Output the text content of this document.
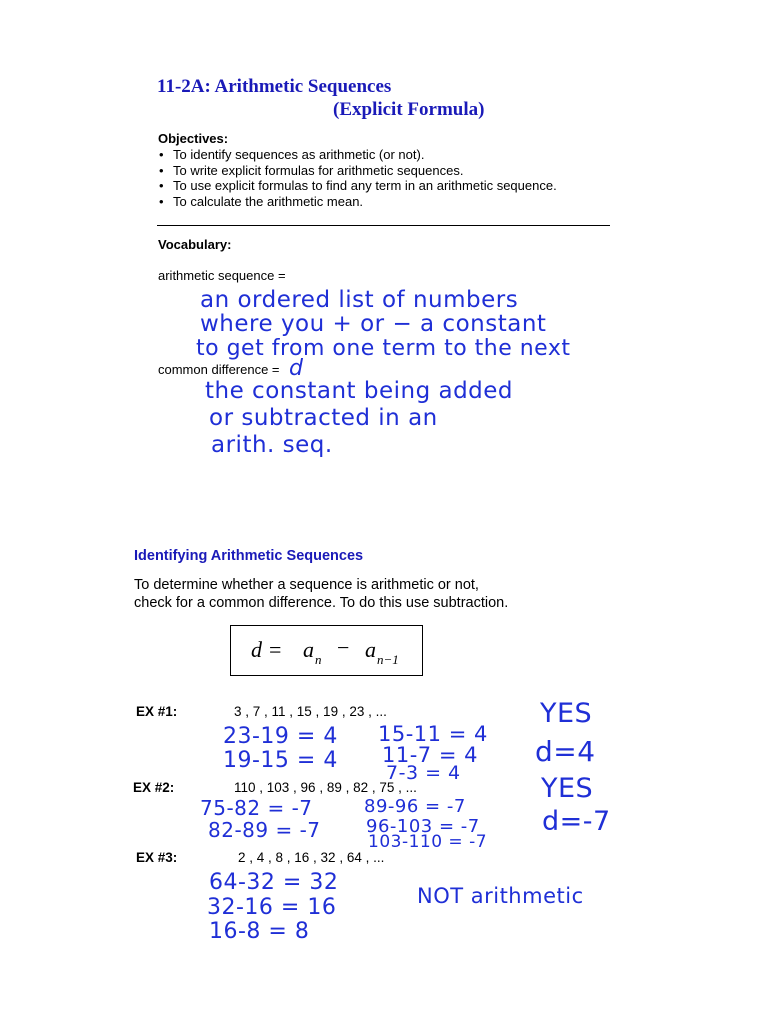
11-2A: Arithmetic Sequences
(Explicit Formula)
Objectives:
• To identify sequences as arithmetic (or not).
• To write explicit formulas for arithmetic sequences.
• To use explicit formulas to find any term in an arithmetic sequence.
• To calculate the arithmetic mean.
Vocabulary:
arithmetic sequence =
an ordered list of numbers
where you + or − a constant
to get from one term to the next
common difference = d
the constant being added
or subtracted in an
arith. seq.
Identifying Arithmetic Sequences
To determine whether a sequence is arithmetic or not,
check for a common difference. To do this use subtraction.
d = a n − a n−1
EX #1:	3 , 7 , 11 , 15 , 19 , 23 , ...
23-19 = 4
19-15 = 4
15-11 = 4
11-7 = 4
7-3 = 4
YES
d=4
EX #2:	110 , 103 , 96 , 89 , 82 , 75 , ...
75-82 = -7
82-89 = -7
89-96 = -7
96-103 = -7
103-110 = -7
YES
d=-7
EX #3:	2 , 4 , 8 , 16 , 32 , 64 , ...
64-32 = 32
32-16 = 16
16-8 = 8
NOT arithmetic
